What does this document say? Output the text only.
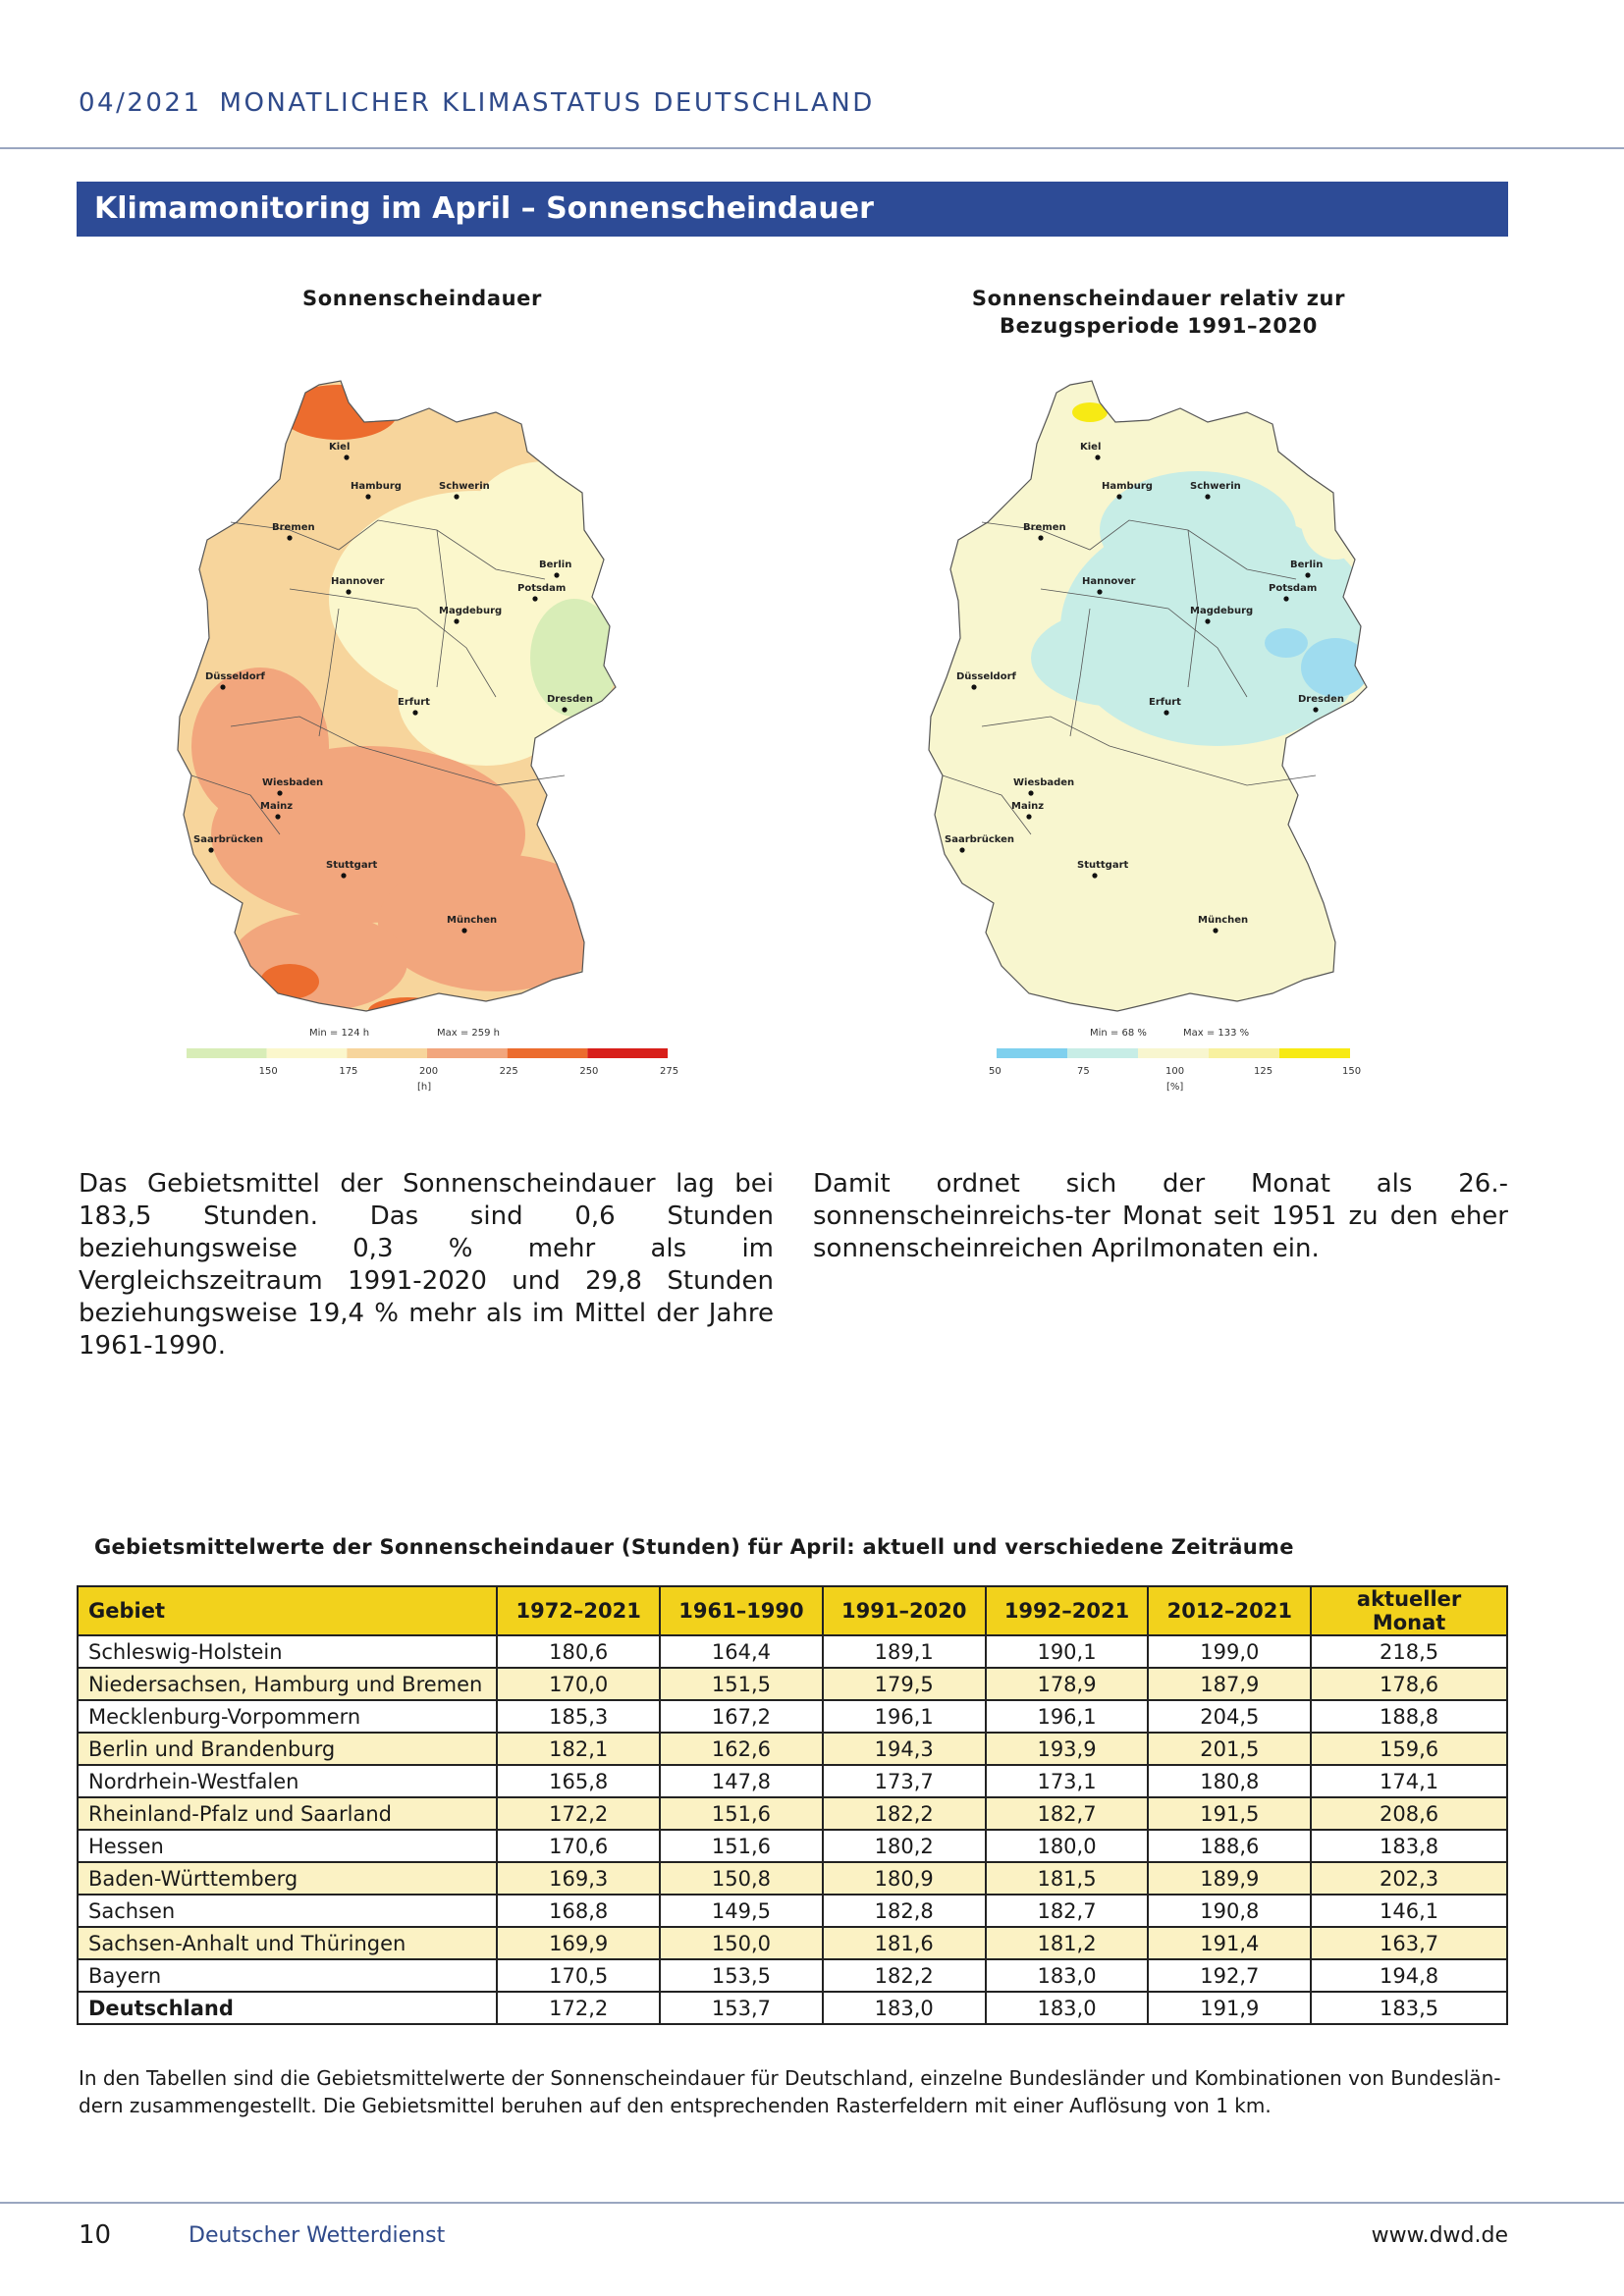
04/2021 MONATLICHER KLIMASTATUS DEUTSCHLAND
Klimamonitoring im April – Sonnenscheindauer
Sonnenscheindauer
Kiel
Hamburg	Schwerin
Bremen
Berlin
Hannover
Potsdam
Magdeburg
Düsseldorf
Erfurt	Dresden
Wiesbaden
Mainz
Saarbrücken
Stuttgart
München
Min = 124 h	Max = 259 h
150	175	200	225	250	275
[h]
Sonnenscheindauer relativ zur Bezugsperiode 1991–2020
Kiel
Hamburg	Schwerin
Bremen
Berlin
Hannover
Potsdam
Magdeburg
Düsseldorf
Erfurt	Dresden
Wiesbaden
Mainz
Saarbrücken
Stuttgart
München
Min = 68 %	Max = 133 %
50	75	100	125	150
[%]
Das Gebietsmittel der Sonnenscheindauer lag bei 183,5 Stunden. Das sind 0,6 Stunden beziehungsweise 0,3 % mehr als im Vergleichszeitraum 1991-2020 und 29,8 Stunden beziehungsweise 19,4 % mehr als im Mittel der Jahre 1961-1990.
Damit ordnet sich der Monat als 26.-sonnenscheinreichs-ter Monat seit 1951 zu den eher sonnenscheinreichen Aprilmonaten ein.
Gebietsmittelwerte der Sonnenscheindauer (Stunden) für April: aktuell und verschiedene Zeiträume
Gebiet	1972–2021	1961–1990	1991–2020	1992–2021	2012–2021	aktueller Monat
Schleswig-Holstein	180,6	164,4	189,1	190,1	199,0	218,5
Niedersachsen, Hamburg und Bremen	170,0	151,5	179,5	178,9	187,9	178,6
Mecklenburg-Vorpommern	185,3	167,2	196,1	196,1	204,5	188,8
Berlin und Brandenburg	182,1	162,6	194,3	193,9	201,5	159,6
Nordrhein-Westfalen	165,8	147,8	173,7	173,1	180,8	174,1
Rheinland-Pfalz und Saarland	172,2	151,6	182,2	182,7	191,5	208,6
Hessen	170,6	151,6	180,2	180,0	188,6	183,8
Baden-Württemberg	169,3	150,8	180,9	181,5	189,9	202,3
Sachsen	168,8	149,5	182,8	182,7	190,8	146,1
Sachsen-Anhalt und Thüringen	169,9	150,0	181,6	181,2	191,4	163,7
Bayern	170,5	153,5	182,2	183,0	192,7	194,8
Deutschland	172,2	153,7	183,0	183,0	191,9	183,5
In den Tabellen sind die Gebietsmittelwerte der Sonnenscheindauer für Deutschland, einzelne Bundesländer und Kombinationen von Bundeslän-dern zusammengestellt. Die Gebietsmittel beruhen auf den entsprechenden Rasterfeldern mit einer Auflösung von 1 km.
10	Deutscher Wetterdienst	www.dwd.de
